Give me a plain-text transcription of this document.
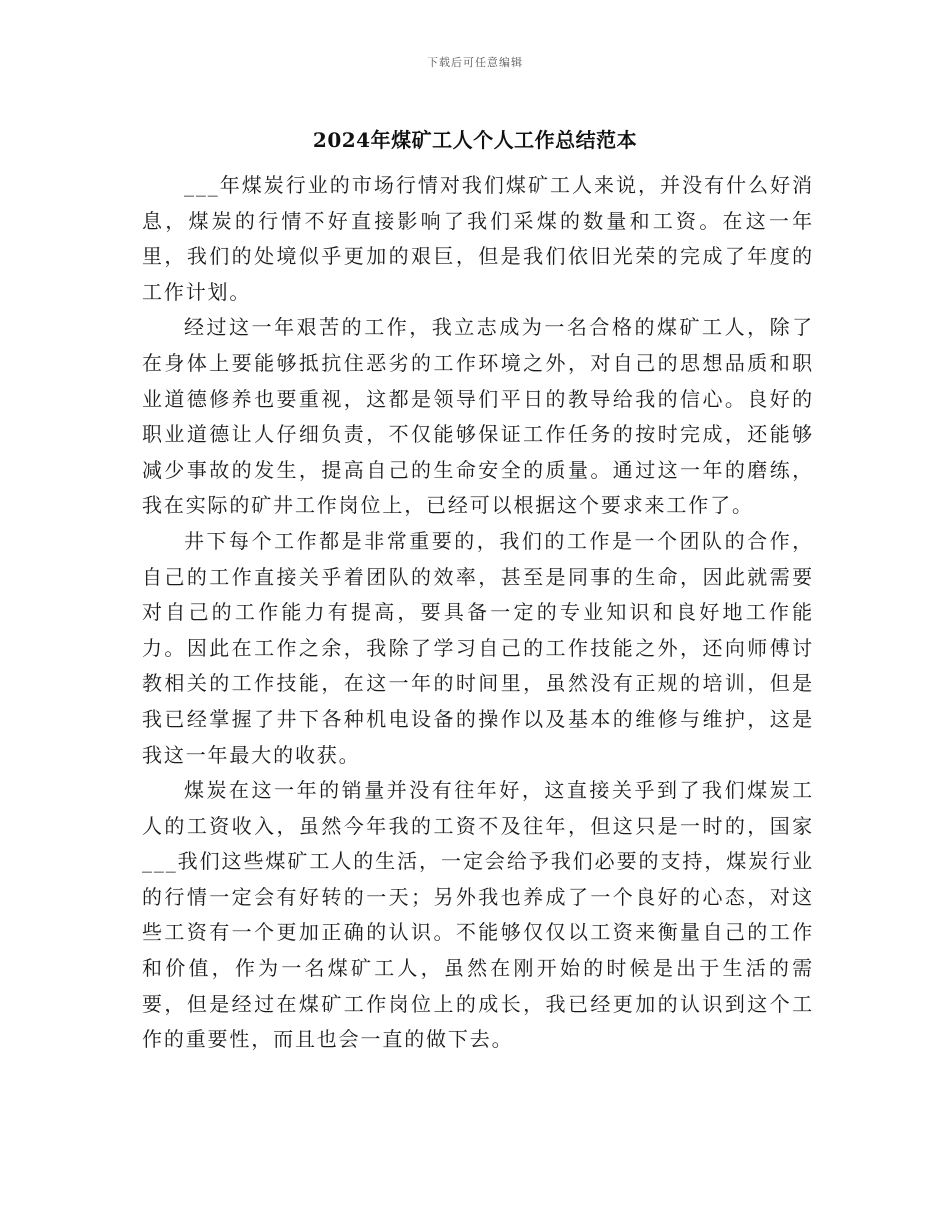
下载后可任意编辑
2024年煤矿工人个人工作总结范本

___年煤炭行业的市场行情对我们煤矿工人来说，并没有什么好消息，煤炭的行情不好直接影响了我们采煤的数量和工资。在这一年里，我们的处境似乎更加的艰巨，但是我们依旧光荣的完成了年度的工作计划。

经过这一年艰苦的工作，我立志成为一名合格的煤矿工人，除了在身体上要能够抵抗住恶劣的工作环境之外，对自己的思想品质和职业道德修养也要重视，这都是领导们平日的教导给我的信心。良好的职业道德让人仔细负责，不仅能够保证工作任务的按时完成，还能够减少事故的发生，提高自己的生命安全的质量。通过这一年的磨练，我在实际的矿井工作岗位上，已经可以根据这个要求来工作了。

井下每个工作都是非常重要的，我们的工作是一个团队的合作，自己的工作直接关乎着团队的效率，甚至是同事的生命，因此就需要对自己的工作能力有提高，要具备一定的专业知识和良好地工作能力。因此在工作之余，我除了学习自己的工作技能之外，还向师傅讨教相关的工作技能，在这一年的时间里，虽然没有正规的培训，但是我已经掌握了井下各种机电设备的操作以及基本的维修与维护，这是我这一年最大的收获。

煤炭在这一年的销量并没有往年好，这直接关乎到了我们煤炭工人的工资收入，虽然今年我的工资不及往年，但这只是一时的，国家___我们这些煤矿工人的生活，一定会给予我们必要的支持，煤炭行业的行情一定会有好转的一天；另外我也养成了一个良好的心态，对这些工资有一个更加正确的认识。不能够仅仅以工资来衡量自己的工作和价值，作为一名煤矿工人，虽然在刚开始的时候是出于生活的需要，但是经过在煤矿工作岗位上的成长，我已经更加的认识到这个工作的重要性，而且也会一直的做下去。
